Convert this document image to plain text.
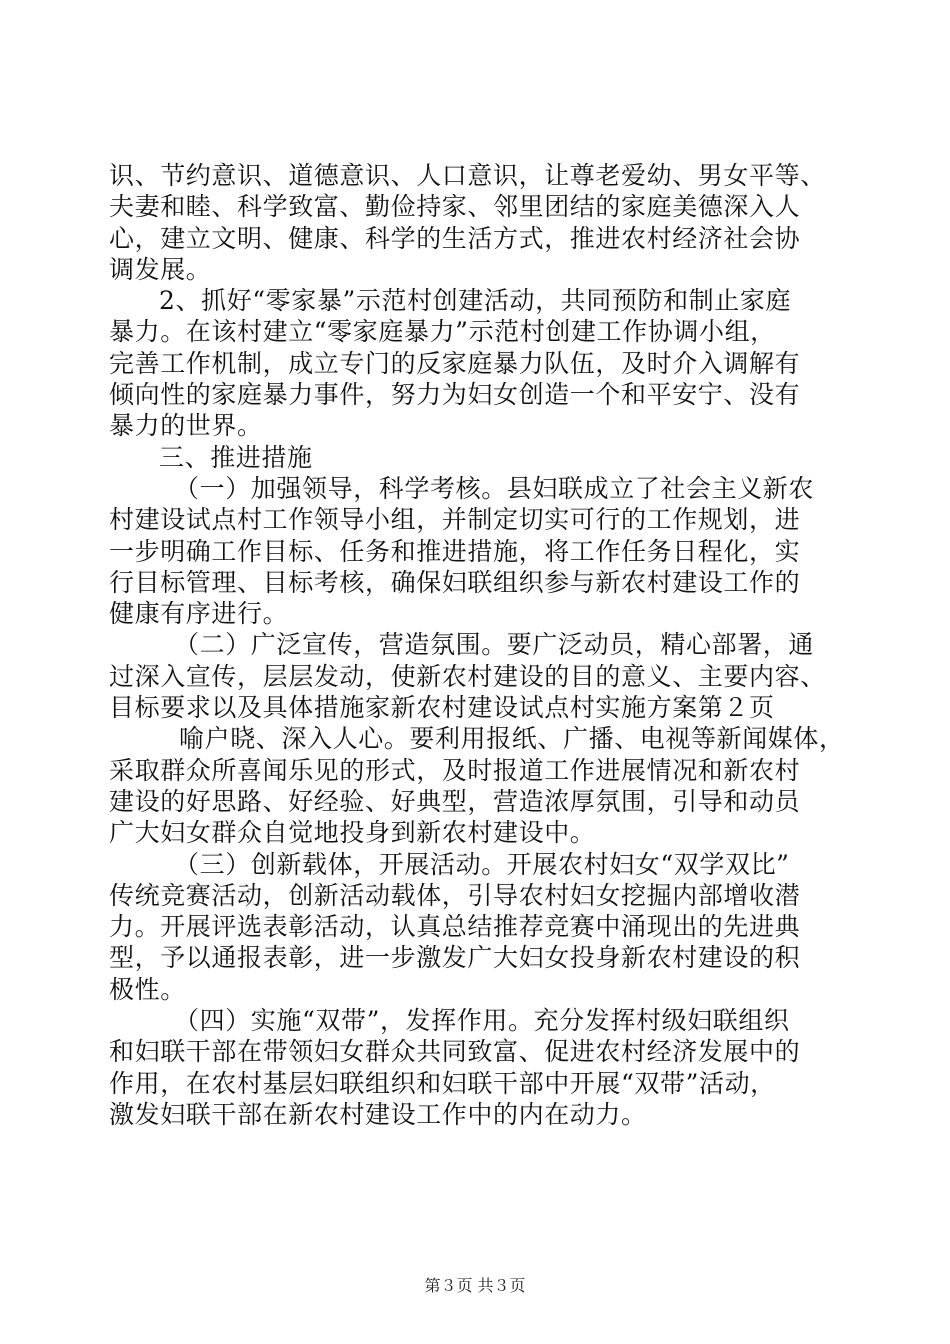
识、节约意识、道德意识、人口意识，让尊老爱幼、男女平等、
夫妻和睦、科学致富、勤俭持家、邻里团结的家庭美德深入人
心，建立文明、健康、科学的生活方式，推进农村经济社会协
调发展。
2、抓好“零家暴”示范村创建活动，共同预防和制止家庭
暴力。在该村建立“零家庭暴力”示范村创建工作协调小组，
完善工作机制，成立专门的反家庭暴力队伍，及时介入调解有
倾向性的家庭暴力事件，努力为妇女创造一个和平安宁、没有
暴力的世界。
三、推进措施
（一）加强领导，科学考核。县妇联成立了社会主义新农
村建设试点村工作领导小组，并制定切实可行的工作规划，进
一步明确工作目标、任务和推进措施，将工作任务日程化，实
行目标管理、目标考核，确保妇联组织参与新农村建设工作的
健康有序进行。
（二）广泛宣传，营造氛围。要广泛动员，精心部署，通
过深入宣传，层层发动，使新农村建设的目的意义、主要内容、
目标要求以及具体措施家新农村建设试点村实施方案第２页
喻户晓、深入人心。要利用报纸、广播、电视等新闻媒体，
采取群众所喜闻乐见的形式，及时报道工作进展情况和新农村
建设的好思路、好经验、好典型，营造浓厚氛围，引导和动员
广大妇女群众自觉地投身到新农村建设中。
（三）创新载体，开展活动。开展农村妇女“双学双比”
传统竞赛活动，创新活动载体，引导农村妇女挖掘内部增收潜
力。开展评选表彰活动，认真总结推荐竞赛中涌现出的先进典
型，予以通报表彰，进一步激发广大妇女投身新农村建设的积
极性。
（四）实施“双带”，发挥作用。充分发挥村级妇联组织
和妇联干部在带领妇女群众共同致富、促进农村经济发展中的
作用，在农村基层妇联组织和妇联干部中开展“双带”活动，
激发妇联干部在新农村建设工作中的内在动力。
第３页 共３页
